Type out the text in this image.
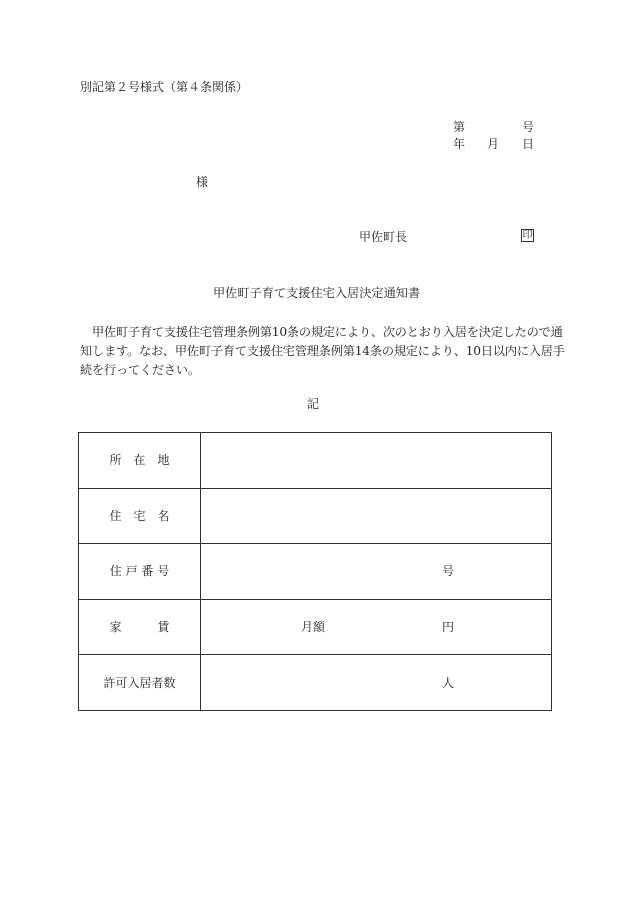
別記第２号様式（第４条関係）
第	号
年 月 日
様
甲佐町長	印
甲佐町子育て支援住宅入居決定通知書

甲佐町子育て支援住宅管理条例第10条の規定により、次のとおり入居を決定したので通

知します。なお、甲佐町子育て支援住宅管理条例第14条の規定により、10日以内に入居手

続を行ってください。

記
所　在　地	

住　宅　名	

住 戸 番 号	号

家　　　賃	月額 円

許可入居者数	人
